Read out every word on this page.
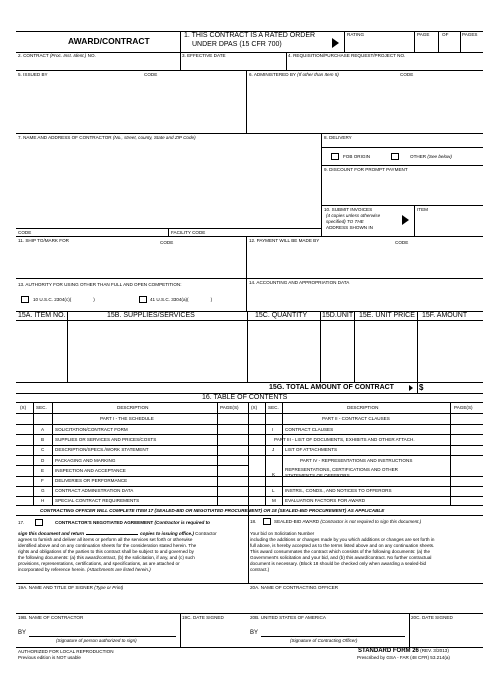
AWARD/CONTRACT
1. THIS CONTRACT IS A RATED ORDER
UNDER DPAS (15 CFR 700)
RATING	PAGE	OF	PAGES
2. CONTRACT (Proc. Inst. Ident.) NO.	3. EFFECTIVE DATE	4. REQUISITION/PURCHASE REQUEST/PROJECT NO.
5. ISSUED BY	CODE	6. ADMINISTERED BY (If other than Item 5)	CODE
7. NAME AND ADDRESS OF CONTRACTOR (No., street, county, State and ZIP Code)	8. DELIVERY
FOB ORIGIN	OTHER (See below)
9. DISCOUNT FOR PROMPT PAYMENT
10. SUBMIT INVOICES
(4 copies unless otherwise
specified) TO THE
ADDRESS SHOWN IN
ITEM
CODE	FACILITY CODE
11. SHIP TO/MARK FOR	CODE	12. PAYMENT WILL BE MADE BY	CODE
13. AUTHORITY FOR USING OTHER THAN FULL AND OPEN COMPETITION:
10 U.S.C. 2304(c)(	)	41 U.S.C. 3304(a)(	)
14. ACCOUNTING AND APPROPRIATION DATA
15A. ITEM NO.	15B. SUPPLIES/SERVICES	15C. QUANTITY 15D.UNIT 15E. UNIT PRICE 15F. AMOUNT
15G. TOTAL AMOUNT OF CONTRACT	$
16. TABLE OF CONTENTS
(X) SEC.	DESCRIPTION	PAGE(S)	(X) SEC.	DESCRIPTION	PAGE(S)
PART I - THE SCHEDULE	PART II - CONTRACT CLAUSES
A SOLICITATION/CONTRACT FORM
B SUPPLIES OR SERVICES AND PRICES/COSTS
C DESCRIPTION/SPECS./WORK STATEMENT
D PACKAGING AND MARKING
E INSPECTION AND ACCEPTANCE
F DELIVERIES OR PERFORMANCE
G CONTRACT ADMINISTRATION DATA
H SPECIAL CONTRACT REQUIREMENTS
I	CONTRACT CLAUSES
PART III - LIST OF DOCUMENTS, EXHIBITS AND OTHER ATTACH.
J LIST OF ATTACHMENTS
PART IV - REPRESENTATIONS AND INSTRUCTIONS
K
REPRESENTATIONS, CERTIFICATIONS AND OTHER
STATEMENTS OF OFFERORS
L INSTRS., CONDS., AND NOTICES TO OFFERORS
M EVALUATION FACTORS FOR AWARD
CONTRACTING OFFICER WILL COMPLETE ITEM 17 (SEALED-BID OR NEGOTIATED PROCUREMENT) OR 18 (SEALED-BID PROCUREMENT) AS APPLICABLE
17.	CONTRACTOR'S NEGOTIATED AGREEMENT (Contractor is required to
sign this document and return	copies to issuing office.) Contractor
agrees to furnish and deliver all items or perform all the services set forth or otherwise
identified above and on any continuation sheets for the consideration stated herein. The
rights and obligations of the parties to this contract shall be subject to and governed by
the following documents: (a) this award/contract, (b) the solicitation, if any, and (c) such
provisions, representations, certifications, and specifications, as are attached or
incorporated by reference herein. (Attachments are listed herein.)
18.	SEALED-BID AWARD (Contractor is not required to sign this document.)
Your bid on Solicitation Number
including the additions or changes made by you which additions or changes are set forth in
full above, is hereby accepted as to the terms listed above and on any continuation sheets.
This award consummates the contract which consists of the following documents: (a) the
Government's solicitation and your bid, and (b) this award/contract. No further contractual
document is necessary. (Block 18 should be checked only when awarding a sealed-bid
contract.)
19A. NAME AND TITLE OF SIGNER (Type or Print)	20A. NAME OF CONTRACTING OFFICER
19B. NAME OF CONTRACTOR	19C. DATE SIGNED	20B. UNITED STATES OF AMERICA	20C. DATE SIGNED
BY
(Signature of person authorized to sign)
BY
(Signature of Contracting Officer)
AUTHORIZED FOR LOCAL REPRODUCTION
Previous edition is NOT usable
STANDARD FORM 26 (REV. 3/2013)
Prescribed by GSA - FAR (48 CFR) 53.214(a)
